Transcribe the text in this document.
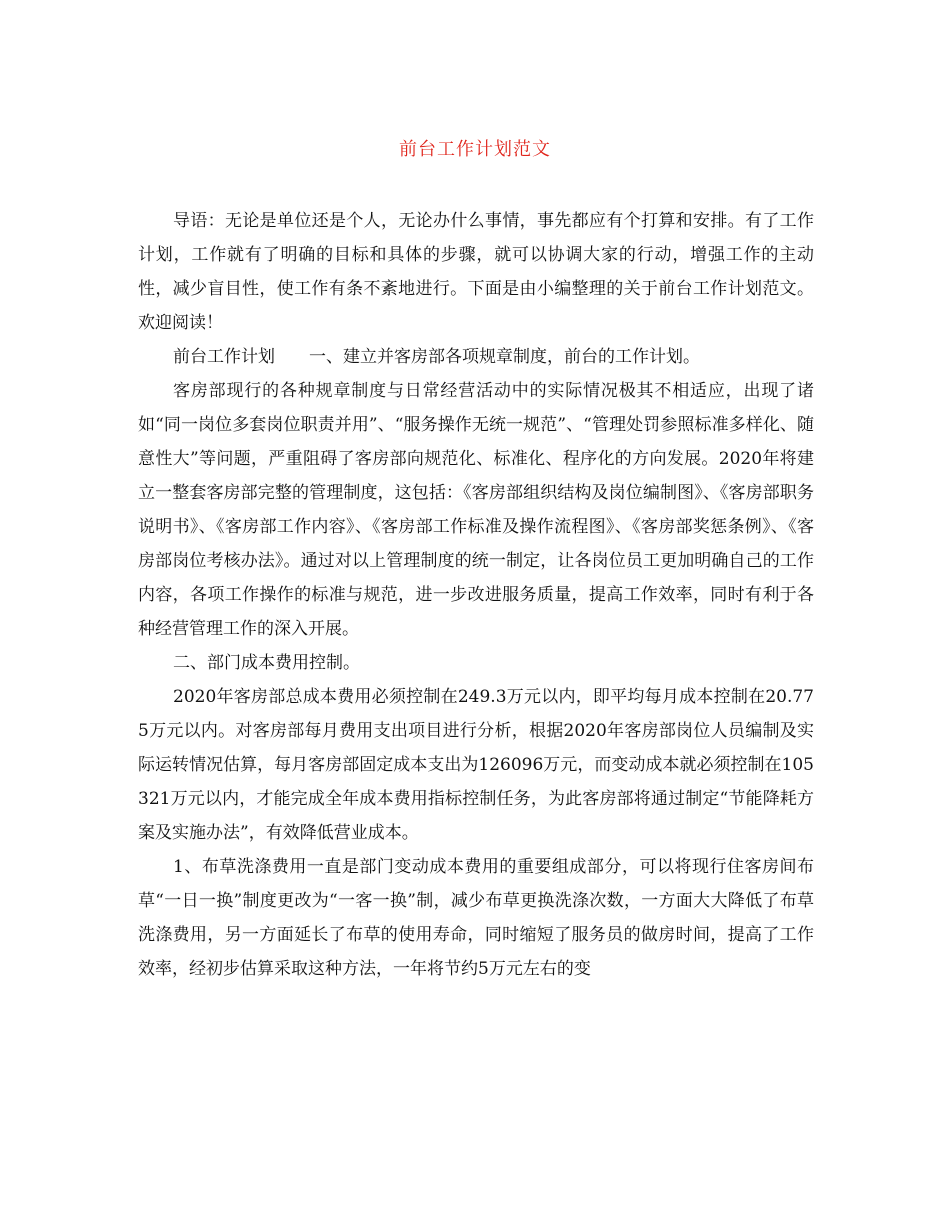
前台工作计划范文

导语：无论是单位还是个人，无论办什么事情，事先都应有个打算和安排。有了工作计划，工作就有了明确的目标和具体的步骤，就可以协调大家的行动，增强工作的主动性，减少盲目性，使工作有条不紊地进行。下面是由小编整理的关于前台工作计划范文。欢迎阅读！

前台工作计划　　一、建立并客房部各项规章制度，前台的工作计划。

客房部现行的各种规章制度与日常经营活动中的实际情况极其不相适应，出现了诸如“同一岗位多套岗位职责并用”、“服务操作无统一规范”、“管理处罚参照标准多样化、随意性大”等问题，严重阻碍了客房部向规范化、标准化、程序化的方向发展。2020年将建立一整套客房部完整的管理制度，这包括：《客房部组织结构及岗位编制图》、《客房部职务说明书》、《客房部工作内容》、《客房部工作标准及操作流程图》、《客房部奖惩条例》、《客房部岗位考核办法》。通过对以上管理制度的统一制定，让各岗位员工更加明确自己的工作内容，各项工作操作的标准与规范，进一步改进服务质量，提高工作效率，同时有利于各种经营管理工作的深入开展。

二、部门成本费用控制。

2020年客房部总成本费用必须控制在249.3万元以内，即平均每月成本控制在20.775万元以内。对客房部每月费用支出项目进行分析，根据2020年客房部岗位人员编制及实际运转情况估算，每月客房部固定成本支出为126096万元，而变动成本就必须控制在105321万元以内，才能完成全年成本费用指标控制任务，为此客房部将通过制定“节能降耗方案及实施办法”，有效降低营业成本。

1、布草洗涤费用一直是部门变动成本费用的重要组成部分，可以将现行住客房间布草“一日一换”制度更改为“一客一换”制，减少布草更换洗涤次数，一方面大大降低了布草洗涤费用，另一方面延长了布草的使用寿命，同时缩短了服务员的做房时间，提高了工作效率，经初步估算采取这种方法，一年将节约5万元左右的变
